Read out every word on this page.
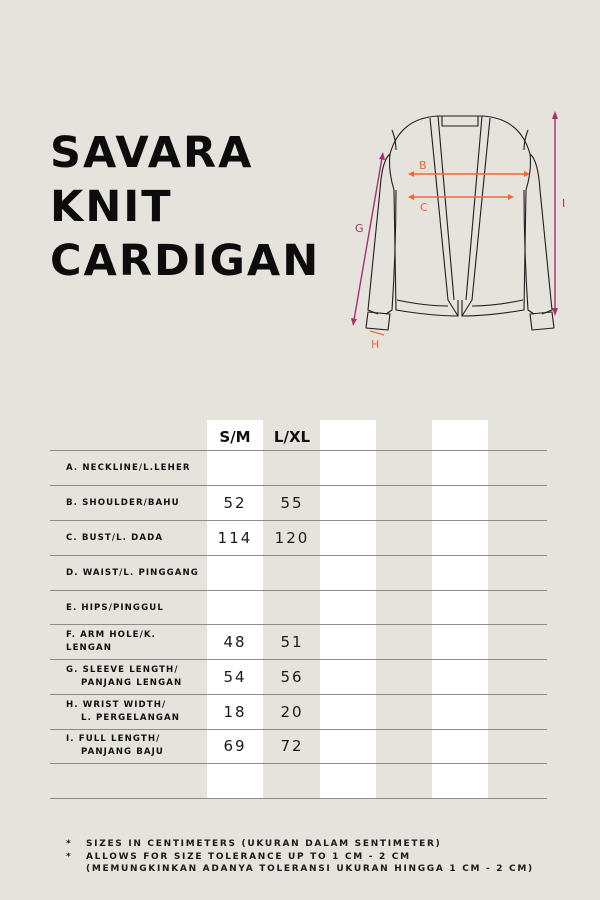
SAVARA
KNIT
CARDIGAN
B
C
G
H
I
S/M	L/XL
A. NECKLINE/L.LEHER
B. SHOULDER/BAHU	52	55
C. BUST/L. DADA	114	120
D. WAIST/L. PINGGANG
E. HIPS/PINGGUL
F. ARM HOLE/K. LENGAN	48	51
G. SLEEVE LENGTH/
PANJANG LENGAN	54	56
H. WRIST WIDTH/
L. PERGELANGAN	18	20
I. FULL LENGTH/
PANJANG BAJU	69	72
*	SIZES IN CENTIMETERS (UKURAN DALAM SENTIMETER)
*	ALLOWS FOR SIZE TOLERANCE UP TO 1 CM - 2 CM
(MEMUNGKINKAN ADANYA TOLERANSI UKURAN HINGGA 1 CM - 2 CM)
